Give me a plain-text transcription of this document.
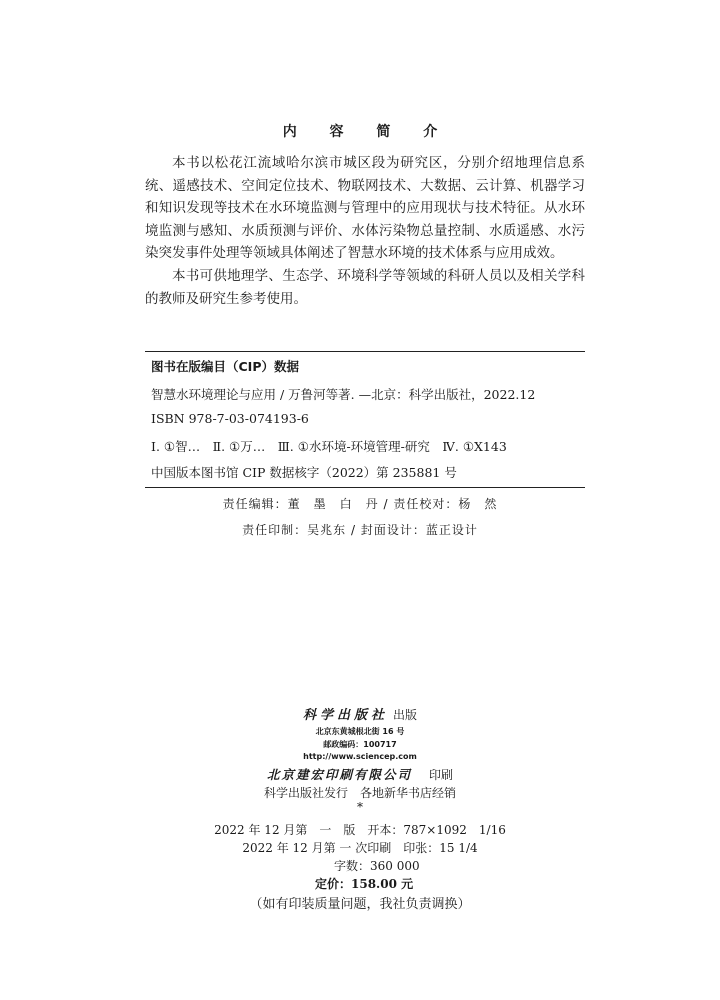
内 容 简 介

本书以松花江流域哈尔滨市城区段为研究区，分别介绍地理信息系统、遥感技术、空间定位技术、物联网技术、大数据、云计算、机器学习和知识发现等技术在水环境监测与管理中的应用现状与技术特征。从水环境监测与感知、水质预测与评价、水体污染物总量控制、水质遥感、水污染突发事件处理等领域具体阐述了智慧水环境的技术体系与应用成效。

本书可供地理学、生态学、环境科学等领域的科研人员以及相关学科的教师及研究生参考使用。

图书在版编目（CIP）数据
智慧水环境理论与应用 / 万鲁河等著. —北京：科学出版社，2022.12
ISBN 978-7-03-074193-6
Ⅰ. ①智…　Ⅱ. ①万…　Ⅲ. ①水环境-环境管理-研究　Ⅳ. ①X143
中国版本图书馆 CIP 数据核字（2022）第 235881 号
责任编辑：董　墨　白　丹 / 责任校对：杨　然
责任印制：吴兆东 / 封面设计：蓝正设计
科学出版社 出版
北京东黄城根北街 16 号
邮政编码：100717
http://www.sciencep.com
北京建宏印刷有限公司 印刷
科学出版社发行　各地新华书店经销
*
2022 年 12 月第　一　版　开本：787×1092　1/16
2022 年 12 月第 一 次印刷　印张：15 1/4
字数：360 000
定价：158.00 元
（如有印装质量问题，我社负责调换）
